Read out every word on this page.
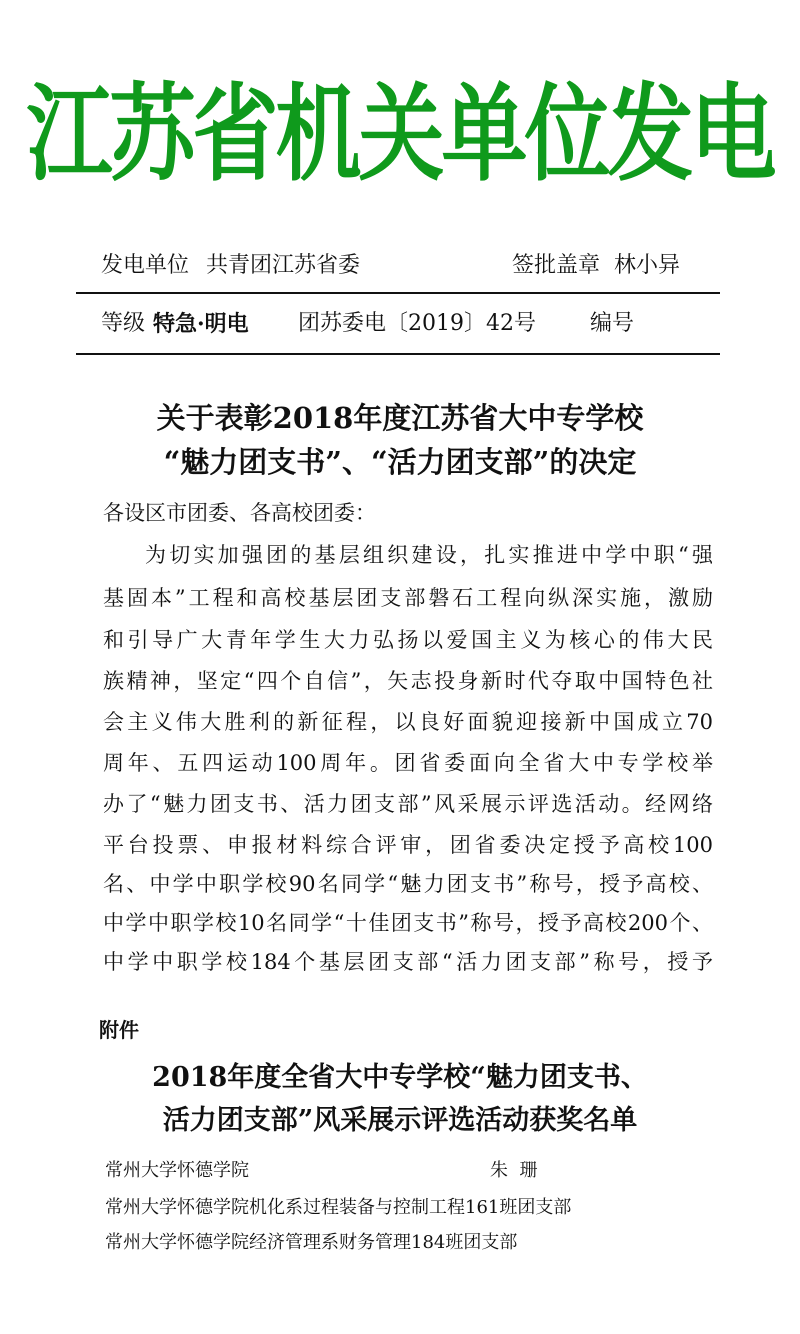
江苏省机关单位发电
发电单位 共青团江苏省委	签批盖章 林小异
等级 特急·明电 团苏委电〔2019〕42号 编号
关于表彰2018年度江苏省大中专学校
“魅力团支书”、“活力团支部”的决定
各设区市团委、各高校团委：
为切实加强团的基层组织建设，扎实推进中学中职“强
基固本”工程和高校基层团支部磐石工程向纵深实施，激励
和引导广大青年学生大力弘扬以爱国主义为核心的伟大民
族精神，坚定“四个自信”，矢志投身新时代夺取中国特色社
会主义伟大胜利的新征程，以良好面貌迎接新中国成立70
周年、五四运动100周年。团省委面向全省大中专学校举
办了“魅力团支书、活力团支部”风采展示评选活动。经网络
平台投票、申报材料综合评审，团省委决定授予高校100
名、中学中职学校90名同学“魅力团支书”称号，授予高校、
中学中职学校10名同学“十佳团支书”称号，授予高校200个、
中学中职学校184个基层团支部“活力团支部”称号，授予
附件
2018年度全省大中专学校“魅力团支书、
活力团支部”风采展示评选活动获奖名单
常州大学怀德学院	朱  珊
常州大学怀德学院机化系过程装备与控制工程161班团支部
常州大学怀德学院经济管理系财务管理184班团支部
